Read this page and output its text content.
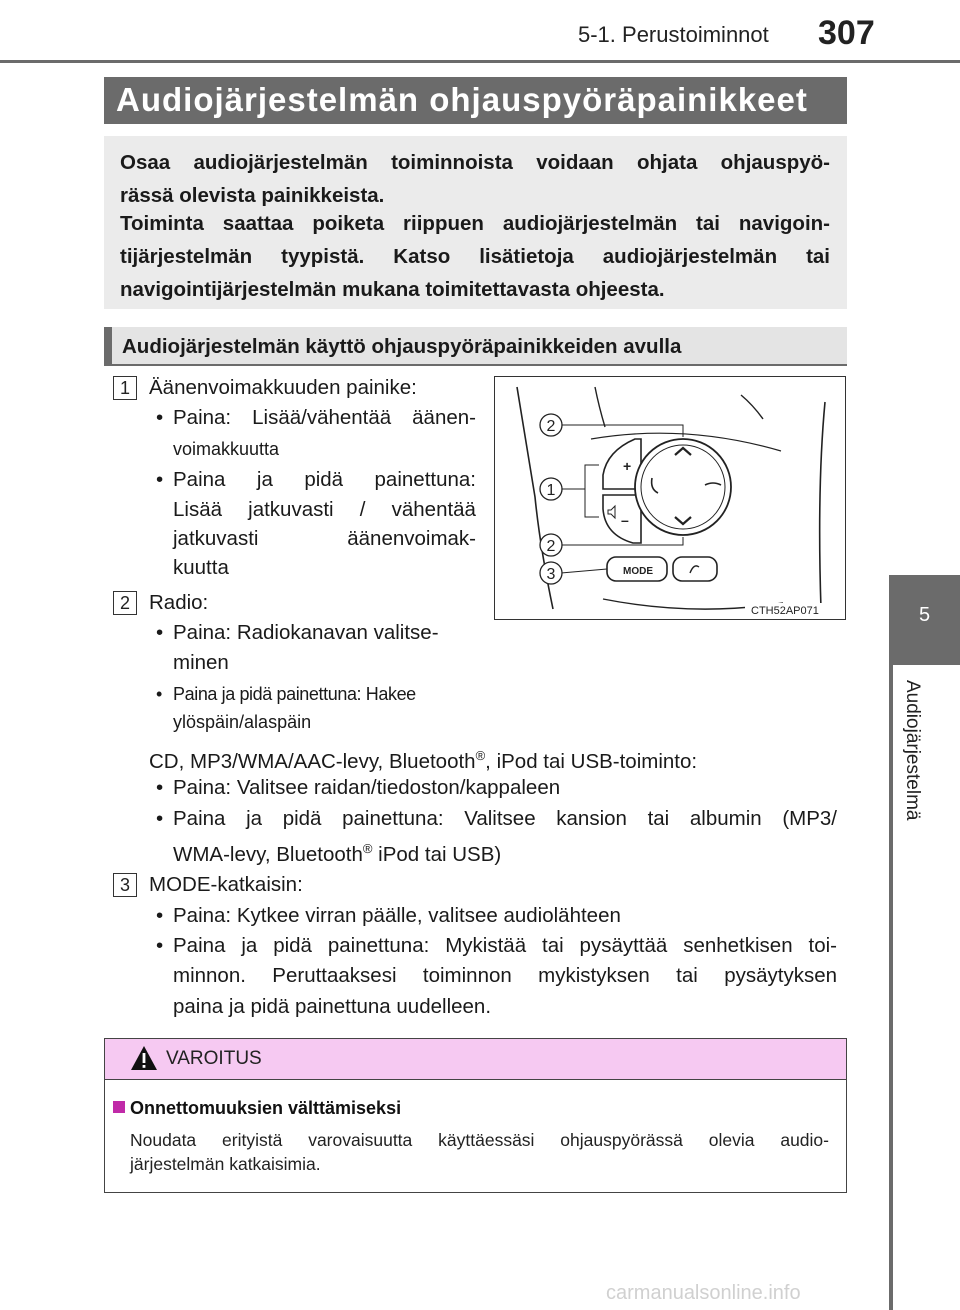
5-1. Perustoiminnot 307
5
Audiojärjestelmä
Audiojärjestelmän ohjauspyöräpainikkeet
Osaa audiojärjestelmän toiminnoista voidaan ohjata ohjauspyö-
rässä olevista painikkeista.
Toiminta saattaa poiketa riippuen audiojärjestelmän tai navigoin-
tijärjestelmän tyypistä. Katso lisätietoja audiojärjestelmän tai
navigointijärjestelmän mukana toimitettavasta ohjeesta.
Audiojärjestelmän käyttö ohjauspyöräpainikkeiden avulla
1 Äänenvoimakkuuden painike:
• Paina: Lisää/vähentää äänen-
voimakkuutta
• Paina ja pidä painettuna:
Lisää jatkuvasti / vähentää
jatkuvasti	äänenvoimak-
kuutta
2 Radio:
• Paina: Radiokanavan valitse-
minen
• Paina ja pidä painettuna: Hakee
ylöspäin/alaspäin
CD, MP3/WMA/AAC-levy, Bluetooth®, iPod tai USB-toiminto:
• Paina: Valitsee raidan/tiedoston/kappaleen
• Paina ja pidä painettuna: Valitsee kansion tai albumin (MP3/
WMA-levy, Bluetooth® iPod tai USB)
3 MODE-katkaisin:
• Paina: Kytkee virran päälle, valitsee audiolähteen
• Paina ja pidä painettuna: Mykistää tai pysäyttää senhetkisen toi-
minnon. Peruttaaksesi toiminnon mykistyksen tai pysäytyksen
paina ja pidä painettuna uudelleen.
+
–
MODE
2
1
2
3
CTH52AP071
VAROITUS
Onnettomuuksien välttämiseksi
Noudata erityistä varovaisuutta käyttäessäsi ohjauspyörässä olevia audio-
järjestelmän katkaisimia.
carmanualsonline.info
